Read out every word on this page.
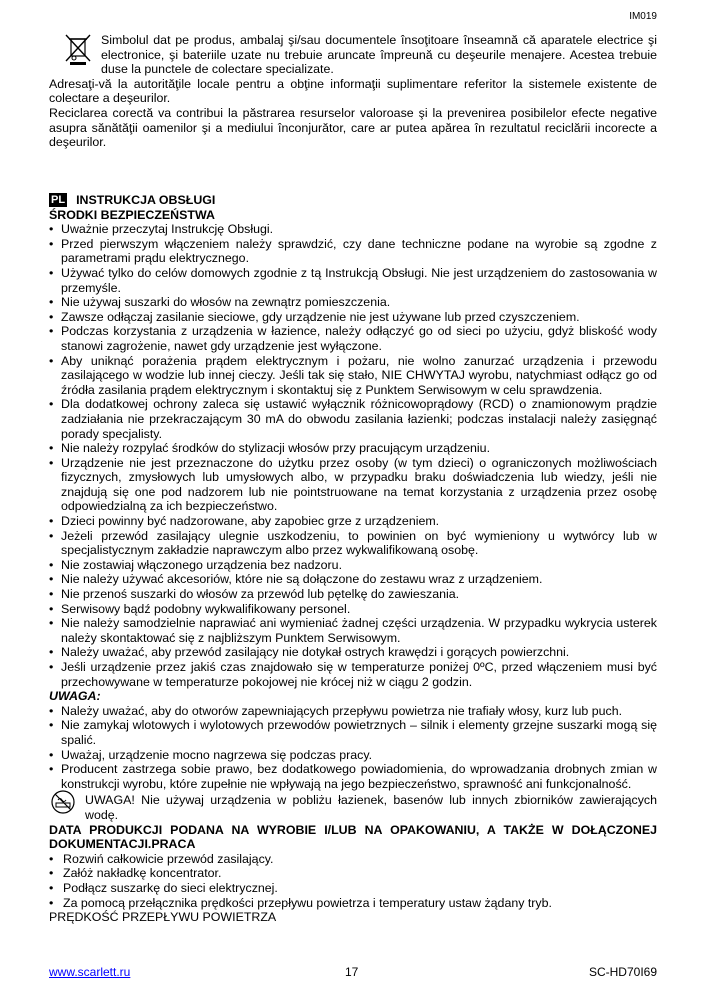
IM019

Simbolul dat pe produs, ambalaj şi/sau documentele însoţitoare înseamnă că aparatele electrice şi electronice, şi bateriile uzate nu trebuie aruncate împreună cu deşeurile menajere. Acestea trebuie duse la punctele de colectare specializate.

Adresaţi-vă la autorităţile locale pentru a obţine informaţii suplimentare referitor la sistemele existente de colectare a deşeurilor.

Reciclarea corectă va contribui la păstrarea resurselor valoroase şi la prevenirea posibilelor efecte negative asupra sănătăţii oamenilor şi a mediului înconjurător, care ar putea apărea în rezultatul reciclării incorecte a deşeurilor.

PL INSTRUKCJA OBSŁUGI
ŚRODKI BEZPIECZEŃSTWA
• Uważnie przeczytaj Instrukcję Obsługi.
• Przed pierwszym włączeniem należy sprawdzić, czy dane techniczne podane na wyrobie są zgodne z parametrami prądu elektrycznego.
• Używać tylko do celów domowych zgodnie z tą Instrukcją Obsługi. Nie jest urządzeniem do zastosowania w przemyśle.
• Nie używaj suszarki do włosów na zewnątrz pomieszczenia.
• Zawsze odłączaj zasilanie sieciowe, gdy urządzenie nie jest używane lub przed czyszczeniem.
• Podczas korzystania z urządzenia w łazience, należy odłączyć go od sieci po użyciu, gdyż bliskość wody stanowi zagrożenie, nawet gdy urządzenie jest wyłączone.
• Aby uniknąć porażenia prądem elektrycznym i pożaru, nie wolno zanurzać urządzenia i przewodu zasilającego w wodzie lub innej cieczy. Jeśli tak się stało, NIE CHWYTAJ wyrobu, natychmiast odłącz go od źródła zasilania prądem elektrycznym i skontaktuj się z Punktem Serwisowym w celu sprawdzenia.
• Dla dodatkowej ochrony zaleca się ustawić wyłącznik różnicowoprądowy (RCD) o znamionowym prądzie zadziałania nie przekraczającym 30 mA do obwodu zasilania łazienki; podczas instalacji należy zasięgnąć porady specjalisty.
• Nie należy rozpylać środków do stylizacji włosów przy pracującym urządzeniu.
• Urządzenie nie jest przeznaczone do użytku przez osoby (w tym dzieci) o ograniczonych możliwościach fizycznych, zmysłowych lub umysłowych albo, w przypadku braku doświadczenia lub wiedzy, jeśli nie znajdują się one pod nadzorem lub nie pointstruowane na temat korzystania z urządzenia przez osobę odpowiedzialną za ich bezpieczeństwo.
• Dzieci powinny być nadzorowane, aby zapobiec grze z urządzeniem.
• Jeżeli przewód zasilający ulegnie uszkodzeniu, to powinien on być wymieniony u wytwórcy lub w specjalistycznym zakładzie naprawczym albo przez wykwalifikowaną osobę.
• Nie zostawiaj włączonego urządzenia bez nadzoru.
• Nie należy używać akcesoriów, które nie są dołączone do zestawu wraz z urządzeniem.
• Nie przenoś suszarki do włosów za przewód lub pętelkę do zawieszania.
• Serwisowy bądź podobny wykwalifikowany personel.
• Nie należy samodzielnie naprawiać ani wymieniać żadnej części urządzenia. W przypadku wykrycia usterek należy skontaktować się z najbliższym Punktem Serwisowym.
• Należy uważać, aby przewód zasilający nie dotykał ostrych krawędzi i gorących powierzchni.
• Jeśli urządzenie przez jakiś czas znajdowało się w temperaturze poniżej 0ºC, przed włączeniem musi być przechowywane w temperaturze pokojowej nie krócej niż w ciągu 2 godzin.
UWAGA:
• Należy uważać, aby do otworów zapewniających przepływu powietrza nie trafiały włosy, kurz lub puch.
• Nie zamykaj wlotowych i wylotowych przewodów powietrznych – silnik i elementy grzejne suszarki mogą się spalić.
• Uważaj, urządzenie mocno nagrzewa się podczas pracy.
• Producent zastrzega sobie prawo, bez dodatkowego powiadomienia, do wprowadzania drobnych zmian w konstrukcji wyrobu, które zupełnie nie wpływają na jego bezpieczeństwo, sprawność ani funkcjonalność.
UWAGA! Nie używaj urządzenia w pobliżu łazienek, basenów lub innych zbiorników zawierających wodę.
DATA PRODUKCJI PODANA NA WYROBIE I/LUB NA OPAKOWANIU, A TAKŻE W DOŁĄCZONEJ DOKUMENTACJI.PRACA
• Rozwiń całkowicie przewód zasilający.
• Załóż nakładkę koncentrator.
• Podłącz suszarkę do sieci elektrycznej.
• Za pomocą przełącznika prędkości przepływu powietrza i temperatury ustaw żądany tryb.
PRĘDKOŚĆ PRZEPŁYWU POWIETRZA
www.scarlett.ru	17	SC-HD70I69
